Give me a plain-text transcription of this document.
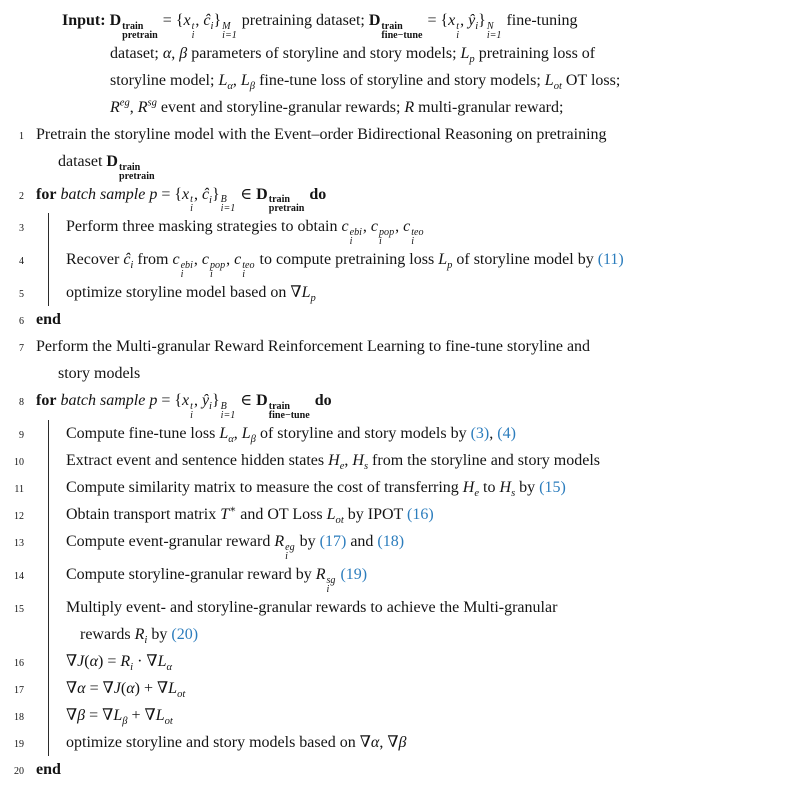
Input: D train
pretrain
= {x t
i
, $ĉ_i$} M
i=1
pretraining dataset; D train
fine−tune
= {x t
i
, $ŷ_i$} N
i=1
fine-tuning
dataset; α, β parameters of storyline and story models; $L_p$ pretraining loss of
storyline model; $L_\alpha$, $L_\beta$ fine-tune loss of storyline and story models; $L_{ot}$ OT loss;
$R^{eg}$, $R^{sg}$ event and storyline-granular rewards; R multi-granular reward;
1 Pretrain the storyline model with the Event–order Bidirectional Reasoning on pretraining
dataset D train
pretrain
2 for batch sample p = {x t
i
, $ĉ_i$} B
i=1
∈ D train
pretrain
do
3	Perform three masking strategies to obtain c ebi
i
, c pop
i
, c teo
i
4	Recover $ĉ_i$ from c ebi
i
, c pop
i
, c teo
i
to compute pretraining loss $L_p$ of storyline model by (11)
5	optimize storyline model based on $\nabla L_p$
6 end
7 Perform the Multi-granular Reward Reinforcement Learning to fine-tune storyline and
story models
8 for batch sample p = {x t
i
, $ŷ_i$} B
i=1
∈ D train
fine−tune
do
9	Compute fine-tune loss $L_\alpha$, $L_\beta$ of storyline and story models by (3), (4)
10	Extract event and sentence hidden states $H_e$, $H_s$ from the storyline and story models
11	Compute similarity matrix to measure the cost of transferring $H_e$ to $H_s$ by (15)
12	Obtain transport matrix T∗ and OT Loss $L_{ot}$ by IPOT (16)
13	Compute event-granular reward R eg
i
by (17) and (18)
14	Compute storyline-granular reward by R sg
i
(19)
15	Multiply event- and storyline-granular rewards to achieve the Multi-granular
rewards $R_i$ by (20)
16	$\nabla J(\alpha) = R_i \cdot \nabla L_\alpha$
17	$\nabla\alpha = \nabla J(\alpha) + \nabla L_{ot}$
18	$\nabla\beta = \nabla L_\beta + \nabla L_{ot}$
19	optimize storyline and story models based on ∇α, ∇β
20 end
